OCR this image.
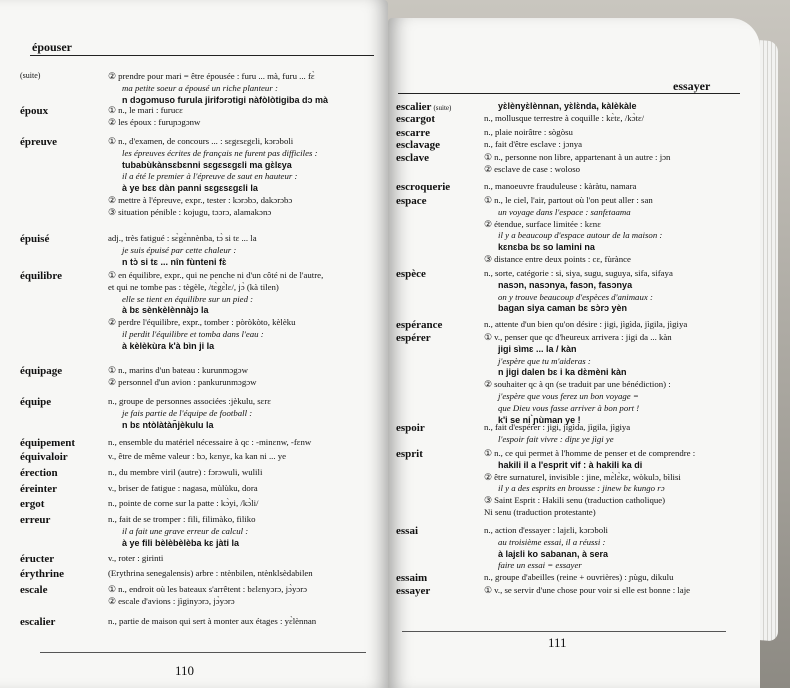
épouser
110
(suite)	② prendre pour mari = être épousée : furu ... mà, furu ... fɛ̀
ma petite soeur a épousé un riche planteur :
n dɔgɔmuso furula jirifɔrɔtigi nàfòlòtigiba dɔ mà
époux	① n., le mari : furucɛ
② les époux : furuɲɔgɔnw
épreuve	① n., d'examen, de concours ... : sɛgɛsɛgɛli, kɔrɔboli
les épreuves écrites de français ne furent pas difficiles :
tubabùkànsɛbɛnni sɛgɛsɛgɛli ma gɛ̀lɛya
il a été le premier à l'épreuve de saut en hauteur :
à ye bɛɛ dàn panni sɛgɛsɛgɛli la
② mettre à l'épreuve, expr., tester : kɔrɔbɔ, dakɔrɔbɔ
③ situation pénible : kojugu, tɔɔrɔ, alamakɔnɔ
épuisé	adj., très fatigué : sɛ̀gɛ̀nnènba, tɔ̀ si tɛ ... la
je suis épuisé par cette chaleur :
n tɔ̀ si tɛ ... nîn fùnteni fɛ̀
équilibre	① en équilibre, expr., qui ne penche ni d'un côté ni de l'autre,
et qui ne tombe pas : tègèle, /tɛ̀gɛ̀lɛ/, jɔ̀ (kà tilen)
elle se tient en équilibre sur un pied :
à bɛ sènkèlènnàjɔ la
② perdre l'équilibre, expr., tomber : pòròkòto, kèlèku
il perdit l'équilibre et tomba dans l'eau :
à kèlèkùra k'à bìn ji la
équipage	① n., marins d'un bateau : kurunmɔgɔw
② personnel d'un avion : pankurunmɔgɔw
équipe	n., groupe de personnes associées :jèkulu, sɛrɛ
je fais partie de l'équipe de football :
n bɛ ntòlàtàn̄jèkulu la
équipement	n., ensemble du matériel nécessaire à qc : -minɛnw, -fɛnw
équivaloir	v., être de même valeur : bɔ, kɛnyɛ, ka kan ni ... ye
érection	n., du membre viril (autre) : fɔrɔwuli, wulili
éreinter	v., briser de fatigue : nagasa, mùlùku, dora
ergot	n., pointe de corne sur la patte : kɔ̀yi, /kɔ̀li/
erreur	n., fait de se tromper : fili, filimàko, filiko
il a fait une grave erreur de calcul :
à ye fili bèlèbèlèba kɛ jàti la
éructer	v., roter : girinti
érythrine	(Erythrina senegalensis) arbre : ntènbilen, ntènklsèdabilen
escale	① n., endroit où les bateaux s'arrêtent : bɛlɛnyɔrɔ, jɔ̀yɔrɔ
② escale d'avions : jìginyɔrɔ, jɔ̀yɔrɔ
escalier	n., partie de maison qui sert à monter aux étages : yɛ̀lènnan
essayer
111
escalier (suite)	yɛ̀lènyɛ̀lènnan, yɛ̀lɛ̀nda, kàlèkàle
escargot	n., mollusque terrestre à coquille : kɛ̀tɛ, /kɔ̀tɛ/
escarre	n., plaie noirâtre : sògòsu
esclavage	n., fait d'être esclave : jɔnya
esclave	① n., personne non libre, appartenant à un autre : jɔn
② esclave de case : woloso
escroquerie	n., manoeuvre frauduleuse : kàràtu, namara
espace	① n., le ciel, l'air, partout où l'on peut aller : san
un voyage dans l'espace : sanfɛtaama
② étendue, surface limitée : kɛnɛ
il y a beaucoup d'espace autour de la maison :
kɛnɛba bɛ so lamini na
③ distance entre deux points : cɛ, fùrànce
espèce	n., sorte, catégorie : si, siya, sugu, suguya, sifa, sifaya
nasɔn, nasɔnya, fasɔn, fasɔnya
on y trouve beaucoup d'espèces d'animaux :
bagan siya caman bɛ sɔ̀rɔ yèn
espérance	n., attente d'un bien qu'on désire : jigi, jìgìda, jìgila, jìgiya
espérer	① v., penser que qc d'heureux arrivera : jigi da ... kàn
jigi sìmɛ ... la / kàn
j'espère que tu m'aideras :
n jigi dalen bɛ i ka dɛ̀mèni kàn
② souhaiter qc à qn (se traduit par une bénédiction) :
j'espère que vous ferez un bon voyage =
que Dieu vous fasse arriver à bon port !
k'i se ni ̀ɲùman ye !
espoir	n., fait d'espérer : jigi, jìgìda, jìgila, jìgiya
l'espoir fait vivre : diɲɛ ye jìgi ye
esprit	① n., ce qui permet à l'homme de penser et de comprendre :
hakili il a l'esprit vif : à hakili ka di
② être surnaturel, invisible : jine, mɛ̀lɛ̀kɛ, wòkulɔ, bìlisi
il y a des esprits en brousse : jinew bɛ kungo rɔ
③ Saint Esprit : Hakili senu (traduction catholique)
Ni senu (traduction protestante)
essai	n., action d'essayer : lajɛli, kɔrɔboli
au troisième essai, il a réussi :
à lajɛli ko sabanan, à sera
faire un essai = essayer
essaim	n., groupe d'abeilles (reine + ouvrières) : ɲùgu, dikulu
essayer	① v., se servir d'une chose pour voir si elle est bonne : laje
